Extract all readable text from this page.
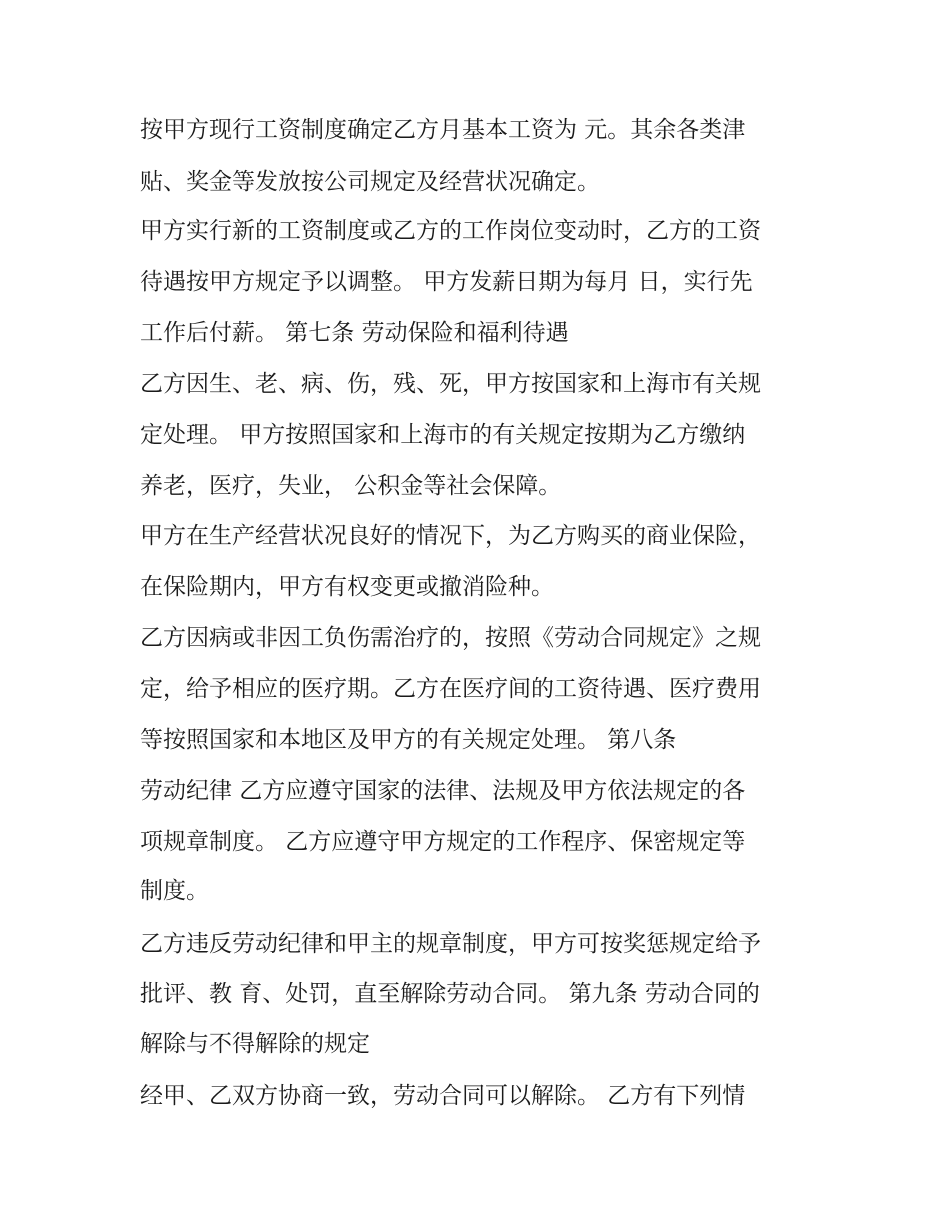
按甲方现行工资制度确定乙方月基本工资为 元。其余各类津
贴、奖金等发放按公司规定及经营状况确定。
甲方实行新的工资制度或乙方的工作岗位变动时，乙方的工资
待遇按甲方规定予以调整。 甲方发薪日期为每月 日，实行先
工作后付薪。 第七条 劳动保险和福利待遇
乙方因生、老、病、伤，残、死，甲方按国家和上海市有关规
定处理。 甲方按照国家和上海市的有关规定按期为乙方缴纳
养老，医疗，失业， 公积金等社会保障。
甲方在生产经营状况良好的情况下，为乙方购买的商业保险，
在保险期内，甲方有权变更或撤消险种。
乙方因病或非因工负伤需治疗的，按照《劳动合同规定》之规
定，给予相应的医疗期。乙方在医疗间的工资待遇、医疗费用
等按照国家和本地区及甲方的有关规定处理。 第八条
劳动纪律 乙方应遵守国家的法律、法规及甲方依法规定的各
项规章制度。 乙方应遵守甲方规定的工作程序、保密规定等
制度。
乙方违反劳动纪律和甲主的规章制度，甲方可按奖惩规定给予
批评、教 育、处罚，直至解除劳动合同。 第九条 劳动合同的
解除与不得解除的规定
经甲、乙双方协商一致，劳动合同可以解除。 乙方有下列情
